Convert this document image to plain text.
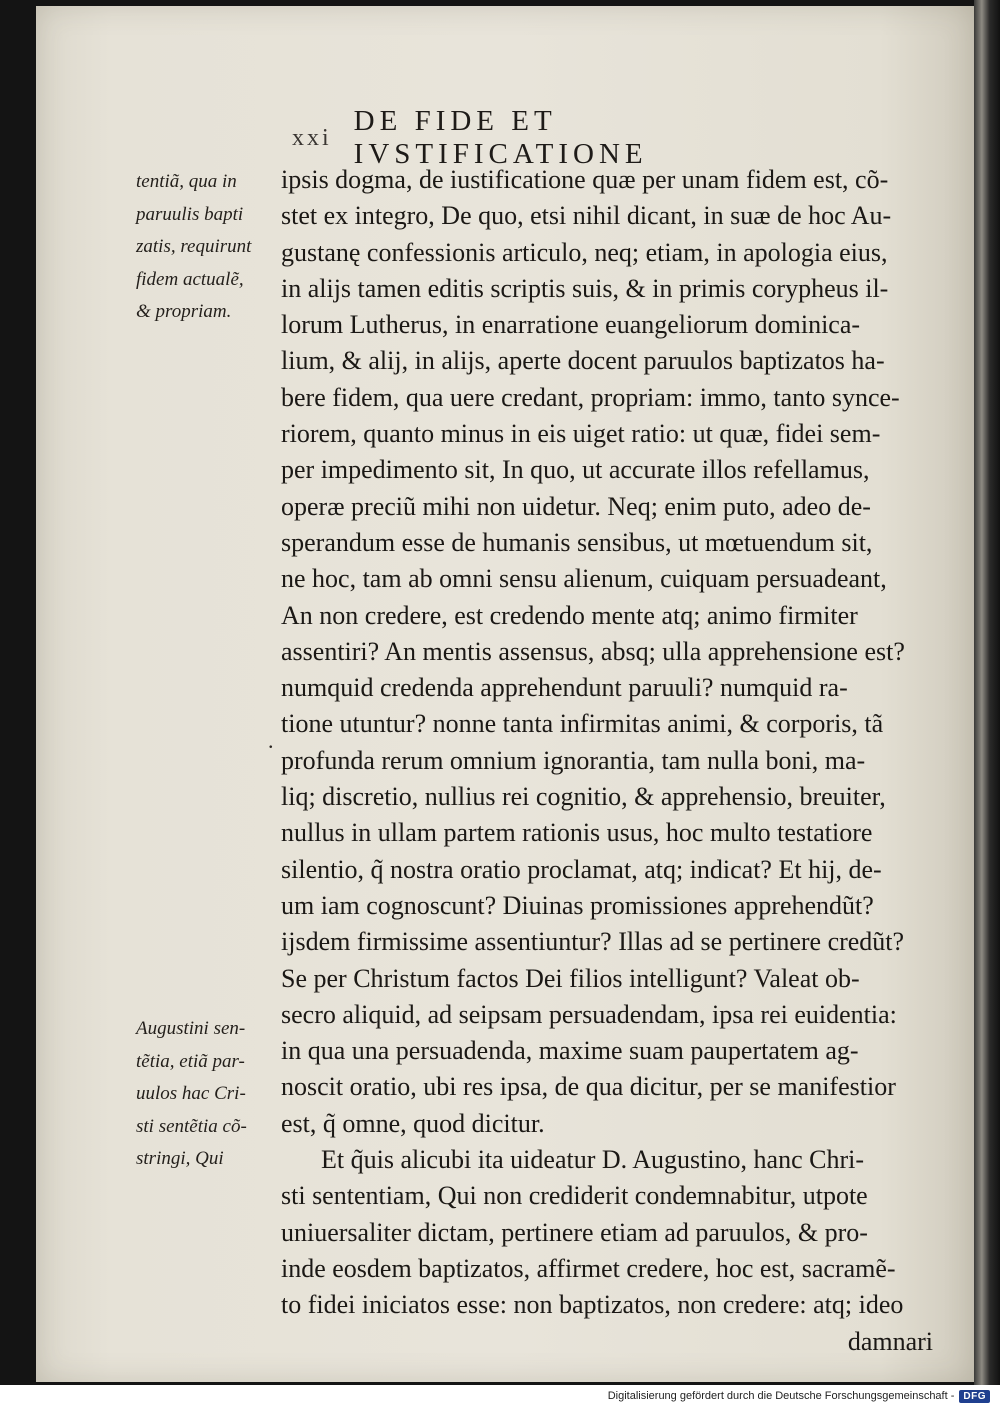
xxi
DE FIDE ET IVSTIFICATIONE
tentiã, qua in
paruulis bapti
zatis, requirunt
fidem actualẽ,
& propriam.
Augustini sen-
tẽtia, etiã par-
uulos hac Cri-
sti sentẽtia cõ-
stringi, Qui
.
ipsis dogma, de iustificatione quæ per unam fidem est, cõ-
stet ex integro, De quo, etsi nihil dicant, in suæ de hoc Au-
gustanę confessionis articulo, neq; etiam, in apologia eius,
in alijs tamen editis scriptis suis, & in primis corypheus il-
lorum Lutherus, in enarratione euangeliorum dominica-
lium, & alij, in alijs, aperte docent paruulos baptizatos ha-
bere fidem, qua uere credant, propriam: immo, tanto synce-
riorem, quanto minus in eis uiget ratio: ut quæ, fidei sem-
per impedimento sit, In quo, ut accurate illos refellamus,
operæ preciũ mihi non uidetur. Neq; enim puto, adeo de-
sperandum esse de humanis sensibus, ut mœtuendum sit,
ne hoc, tam ab omni sensu alienum, cuiquam persuadeant,
An non credere, est credendo mente atq; animo firmiter
assentiri? An mentis assensus, absq; ulla apprehensione est?
numquid credenda apprehendunt paruuli? numquid ra-
tione utuntur? nonne tanta infirmitas animi, & corporis, tã
profunda rerum omnium ignorantia, tam nulla boni, ma-
liq; discretio, nullius rei cognitio, & apprehensio, breuiter,
nullus in ullam partem rationis usus, hoc multo testatiore
silentio, q̃ nostra oratio proclamat, atq; indicat? Et hij, de-
um iam cognoscunt? Diuinas promissiones apprehendũt?
ijsdem firmissime assentiuntur? Illas ad se pertinere credũt?
Se per Christum factos Dei filios intelligunt? Valeat ob-
secro aliquid, ad seipsam persuadendam, ipsa rei euidentia:
in qua una persuadenda, maxime suam paupertatem ag-
noscit oratio, ubi res ipsa, de qua dicitur, per se manifestior
est, q̃ omne, quod dicitur.
Et q̃uis alicubi ita uideatur D. Augustino, hanc Chri-
sti sententiam, Qui non crediderit condemnabitur, utpote
uniuersaliter dictam, pertinere etiam ad paruulos, & pro-
inde eosdem baptizatos, affirmet credere, hoc est, sacramẽ-
to fidei iniciatos esse: non baptizatos, non credere: atq; ideo
damnari
Digitalisierung gefördert durch die Deutsche Forschungsgemeinschaft - DFG
